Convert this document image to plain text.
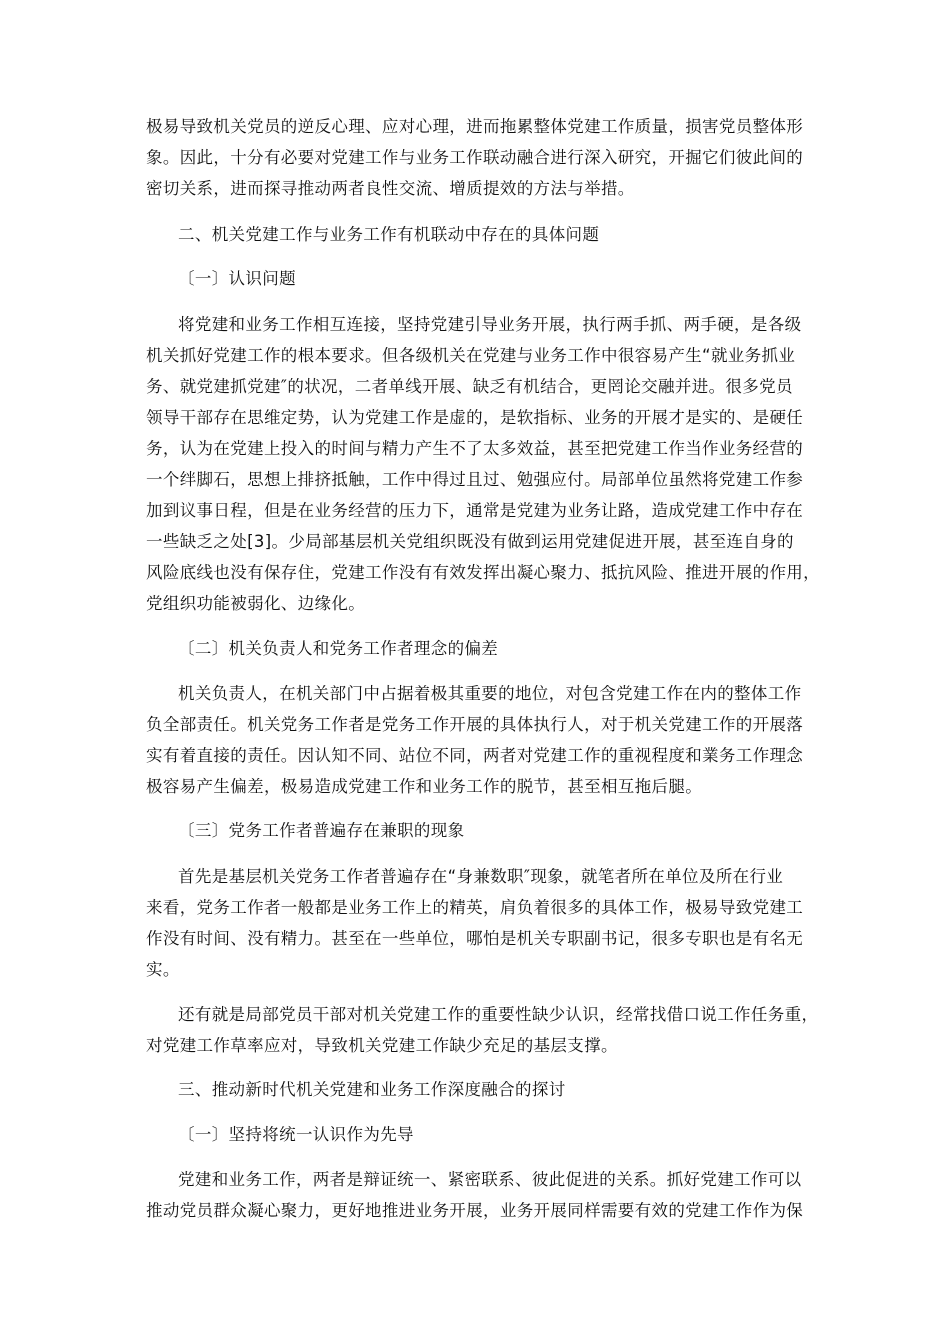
极易导致机关党员的逆反心理、应对心理，进而拖累整体党建工作质量，损害党员整体形
象。因此，十分有必要对党建工作与业务工作联动融合进行深入研究，开掘它们彼此间的
密切关系，进而探寻推动两者良性交流、增质提效的方法与举措。
二、机关党建工作与业务工作有机联动中存在的具体问题
〔一〕认识问题
将党建和业务工作相互连接，坚持党建引导业务开展，执行两手抓、两手硬，是各级
机关抓好党建工作的根本要求。但各级机关在党建与业务工作中很容易产生“就业务抓业
务、就党建抓党建″的状况，二者单线开展、缺乏有机结合，更罔论交融并进。很多党员
领导干部存在思维定势，认为党建工作是虚的，是软指标、业务的开展才是实的、是硬任
务，认为在党建上投入的时间与精力产生不了太多效益，甚至把党建工作当作业务经营的
一个绊脚石，思想上排挤抵触，工作中得过且过、勉强应付。局部单位虽然将党建工作参
加到议事日程，但是在业务经营的压力下，通常是党建为业务让路，造成党建工作中存在
一些缺乏之处[3]。少局部基层机关党组织既没有做到运用党建促进开展，甚至连自身的
风险底线也没有保存住，党建工作没有有效发挥出凝心聚力、抵抗风险、推进开展的作用，
党组织功能被弱化、边缘化。
〔二〕机关负责人和党务工作者理念的偏差
机关负责人，在机关部门中占据着极其重要的地位，对包含党建工作在内的整体工作
负全部责任。机关党务工作者是党务工作开展的具体执行人，对于机关党建工作的开展落
实有着直接的责任。因认知不同、站位不同，两者对党建工作的重视程度和業务工作理念
极容易产生偏差，极易造成党建工作和业务工作的脱节，甚至相互拖后腿。
〔三〕党务工作者普遍存在兼职的现象
首先是基层机关党务工作者普遍存在“身兼数职″现象，就笔者所在单位及所在行业
来看，党务工作者一般都是业务工作上的精英，肩负着很多的具体工作，极易导致党建工
作没有时间、没有精力。甚至在一些单位，哪怕是机关专职副书记，很多专职也是有名无
实。
还有就是局部党员干部对机关党建工作的重要性缺少认识，经常找借口说工作任务重，
对党建工作草率应对，导致机关党建工作缺少充足的基层支撑。
三、推动新时代机关党建和业务工作深度融合的探讨
〔一〕坚持将统一认识作为先导
党建和业务工作，两者是辩证统一、紧密联系、彼此促进的关系。抓好党建工作可以
推动党员群众凝心聚力，更好地推进业务开展，业务开展同样需要有效的党建工作作为保
